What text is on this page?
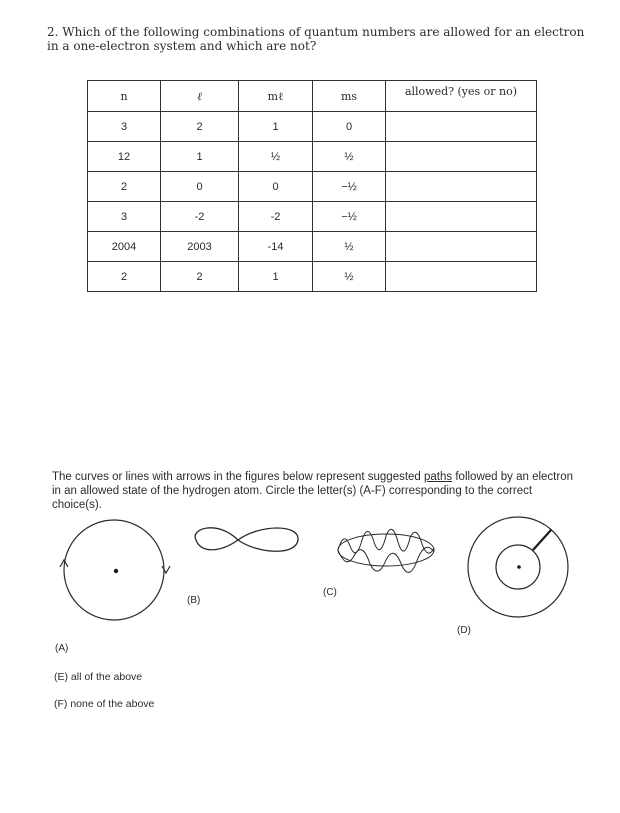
2. Which of the following combinations of quantum numbers are allowed for an electron in a one-electron system and which are not?
n	ℓ	mℓ	ms	allowed? (yes or no)
3	2	1	0	
12	1	½	½	
2	0	0	−½	
3	-2	-2	−½	
2004	2003	-14	½	
2	2	1	½	
The curves or lines with arrows in the figures below represent suggested paths followed by an electron in an allowed state of the hydrogen atom. Circle the letter(s) (A-F) corresponding to the correct choice(s).
(A)
(B)
(C)
(D)
(E) all of the above
(F) none of the above
